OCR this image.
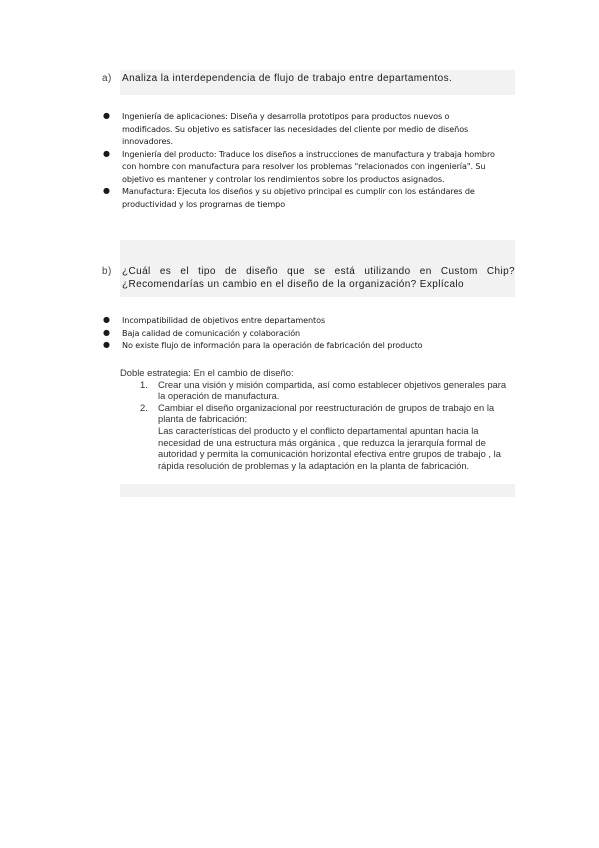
a) Analiza la interdependencia de flujo de trabajo entre departamentos.
● Ingeniería de aplicaciones: Diseña y desarrolla prototipos para productos nuevos o modificados. Su objetivo es satisfacer las necesidades del cliente por medio de diseños innovadores.
● Ingeniería del producto: Traduce los diseños a instrucciones de manufactura y trabaja hombro con hombre con manufactura para resolver los problemas "relacionados con ingeniería". Su objetivo es mantener y controlar los rendimientos sobre los productos asignados.
● Manufactura: Ejecuta los diseños y su objetivo principal es cumplir con los estándares de productividad y los programas de tiempo
b) ¿Cuál es el tipo de diseño que se está utilizando en Custom Chip?¿Recomendarías un cambio en el diseño de la organización? Explícalo
● Incompatibilidad de objetivos entre departamentos
● Baja calidad de comunicación y colaboración
● No existe flujo de información para la operación de fabricación del producto
Doble estrategia: En el cambio de diseño:
1. Crear una visión y misión compartida, así como establecer objetivos generales para la operación de manufactura.
2. Cambiar el diseño organizacional por reestructuración de grupos de trabajo en la planta de fabricación:
Las características del producto y el conflicto departamental apuntan hacia la necesidad de una estructura más orgánica , que reduzca la jerarquía formal de autoridad y permita la comunicación horizontal efectiva entre grupos de trabajo , la rápida resolución de problemas y la adaptación en la planta de fabricación.
